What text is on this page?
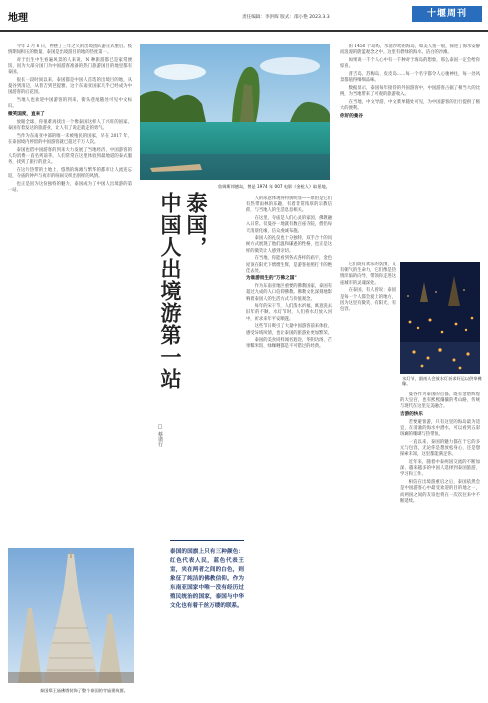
地理	责任编辑：李洪晖 版式：邵小艳 2023.3.3	十堰周刊
詹姆斯邦德岛，曾是 1974 年 007 电影《金枪人》取景地。

今年 2 月 6 日，停摆了三年之久的出境团队游正式重启。疫情期间积压的数量，泰国是出境游目的地的热度第一。

对于出生中生看遍风景的人来说，N 种旅游都已是家常便饭，因为大部分国门为中国游客准备的热门旅游国目的地里都有泰国。

很长一段时间以来，泰国都是中国人首选的出境目的地，从曼谷到清迈，从普吉到芭提雅，这个东南亚国家几乎已经成为中国游客的后花园。

当地人也欢迎中国游客的到来，街头巷尾随处可见中文标识。

微笑国度，直来了

放眼全球，你很难再找出一个像泰国这样人丁兴旺的国家。泰国有着发达的旅游业，让人有了说走就走的勇气。

当作为东南亚中部的唯一未被殖民的国家，早在 2017 年，在泰国境内停留的中国游客就已超过千万人次。

泰国也借中国游客的到来大力发展了当地经济，中国游客的人均消费一直名列前茅。人们常常在这里体验到最地道的泰式服务，找到了旅行的意义。

在这片热带的土地上，悠然的海滩与繁华的都市让人流连忘返，寺庙的钟声与夜市的喧闹交织出别样的风情。

也正是因为这份独特的魅力，泰国成为了中国人出境游的第一站。

泰国郑王庙佛塔装饰了整个泰国的寺庙建筑群。
泰国，
中国人出境游第一站
□ 蔡诸行
泰国的国旗上只有三种颜色：红色代表人民，蓝色代表王室，夹在两者之间的白色，则象征了纯洁的佛教信仰。作为东南亚国家中唯一没有经历过殖民统治的国家，泰国与中华文化也有着千丝万缕的联系。

人的尿意体现得特别明显——原由是它们有热带雨林的乐趣，有着非常浓厚的宗教信仰，与当地人的生活息息相关。

在这里，寺庙是人们心灵的家园，佛教融入日常。仅曼谷一地就有数百座寺院，僧侣每天清晨化缘，信众虔诚布施。

泰国人的礼仪也十分独特，双手合十的问候方式展现了他们温和谦逊的性格，也正是这样的微笑让人感到亲切。

在当地，你能看到各式各样的庙宇，金色屋顶在阳光下熠熠生辉，是游客拍照打卡的绝佳去处。

为谁游而生的"万佛之国"

作为东南亚地区重要的佛教国家，泰国有超过九成的人口信仰佛教。佛教文化深刻地影响着泰国人的生活方式与价值观念。

每年的宋干节，人们泼水祈福，寓意洗去旧年的不顺。水灯节时，人们将水灯放入河中，祈求来年平安顺遂。

这些节日吸引了大量中国游客前来体验，感受异域风情，也让泰国的旅游业更加繁荣。

泰国的美食同样闻名遐迩，冬阴功汤、芒果糯米饭、绿咖喱都是不可错过的经典。

的 1450 个岛屿，水清沙幼的海岛，如美人鱼一般，探进了海水安静而浪漫的蔚蓝观念之中。这里有碧绿的海水，洁白的沙滩。

如果说一千个人心中有一千种对于海岛的想象，那么泰国一定会给你惊喜。

普吉岛、苏梅岛、皮皮岛……每一个名字都令人心驰神往，每一处风景都值得细细品味。

数据显示，泰国每年接待的外国游客中，中国游客占据了相当大的比例，为当地带来了可观的旅游收入。

在当地，中文导游、中文菜单随处可见，为中国游客的出行提供了极大的便利。

你好的曼谷

水灯节，湄南人会放水灯祈求好运以供奉佛像。

它们既有欢乐的氛围，又有朝气的生命力，它们像是热情洋溢的向导，带领你走进这座城市的灵魂深处。

在泰国，有人曾说：泰国是每一个人都会爱上的地方，因为这里有微笑、有阳光、有包容。

曼谷作为泰国的首都，既有金碧辉煌的大皇宫，也有熙熙攘攘的考山路，传统与现代在这里完美融合。

吉游的快乐

若要避暑游，只有这里的海岛最为适宜，在清澈的海水中潜水，可以看到五彩斑斓的珊瑚与热带鱼。

一直以来，泰国的魅力都在于它的多元与包容，无论你是想放松身心，还是想探索未知，这里都能满足你。

近年来，随着中泰两国交流的不断加深，越来越多的中国人选择到泰国旅游、学习和工作。

相信在出境游重启之后，泰国依然会是中国游客心中最受欢迎的目的地之一，而两国之间的友谊也将在一次次往来中不断延续。
